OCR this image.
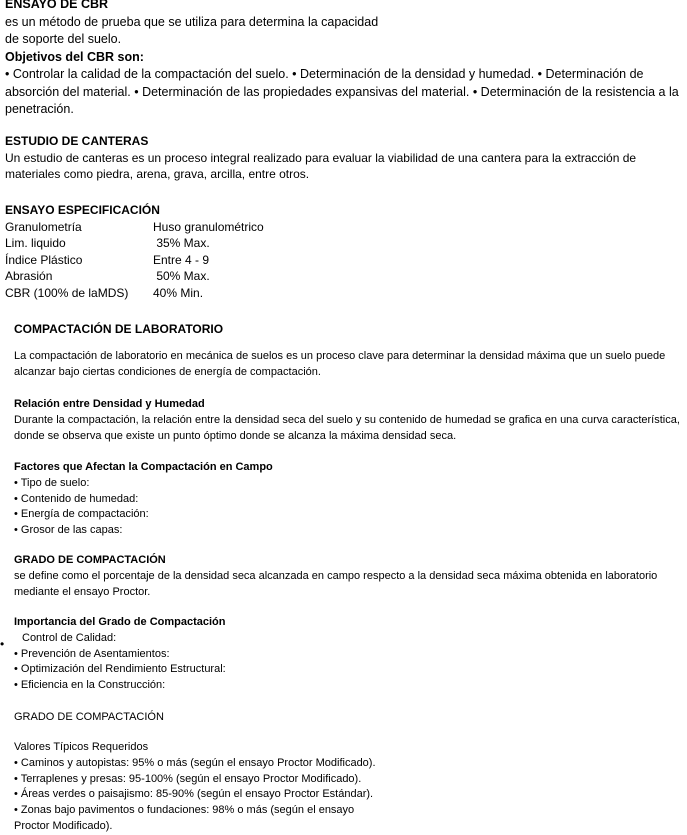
ENSAYO DE CBR
es un método de prueba que se utiliza para determina la capacidad
de soporte del suelo.
Objetivos del CBR son:
• Controlar la calidad de la compactación del suelo. • Determinación de la densidad y humedad. • Determinación de absorción del material. • Determinación de las propiedades expansivas del material. • Determinación de la resistencia a la penetración.
ESTUDIO DE CANTERAS
Un estudio de canteras es un proceso integral realizado para evaluar la viabilidad de una cantera para la extracción de materiales como piedra, arena, grava, arcilla, entre otros.
ENSAYO ESPECIFICACIÓN
Granulometría	Huso granulométrico
Lim. liquido	35% Max.
Índice Plástico	Entre 4 - 9
Abrasión	50% Max.
CBR (100% de laMDS)	40% Min.
COMPACTACIÓN DE LABORATORIO
La compactación de laboratorio en mecánica de suelos es un proceso clave para determinar la densidad máxima que un suelo puede alcanzar bajo ciertas condiciones de energía de compactación.
Relación entre Densidad y Humedad
Durante la compactación, la relación entre la densidad seca del suelo y su contenido de humedad se grafica en una curva característica, donde se observa que existe un punto óptimo donde se alcanza la máxima densidad seca.
Factores que Afectan la Compactación en Campo
• Tipo de suelo:
• Contenido de humedad:
• Energía de compactación:
• Grosor de las capas:
GRADO DE COMPACTACIÓN
se define como el porcentaje de la densidad seca alcanzada en campo respecto a la densidad seca máxima obtenida en laboratorio mediante el ensayo Proctor.
Importancia del Grado de Compactación
Control de Calidad:
• Prevención de Asentamientos:
• Optimización del Rendimiento Estructural:
• Eficiencia en la Construcción:
•
GRADO DE COMPACTACIÓN
Valores Típicos Requeridos
• Caminos y autopistas: 95% o más (según el ensayo Proctor Modificado).
• Terraplenes y presas: 95-100% (según el ensayo Proctor Modificado).
• Áreas verdes o paisajismo: 85-90% (según el ensayo Proctor Estándar).
• Zonas bajo pavimentos o fundaciones: 98% o más (según el ensayo
Proctor Modificado).
